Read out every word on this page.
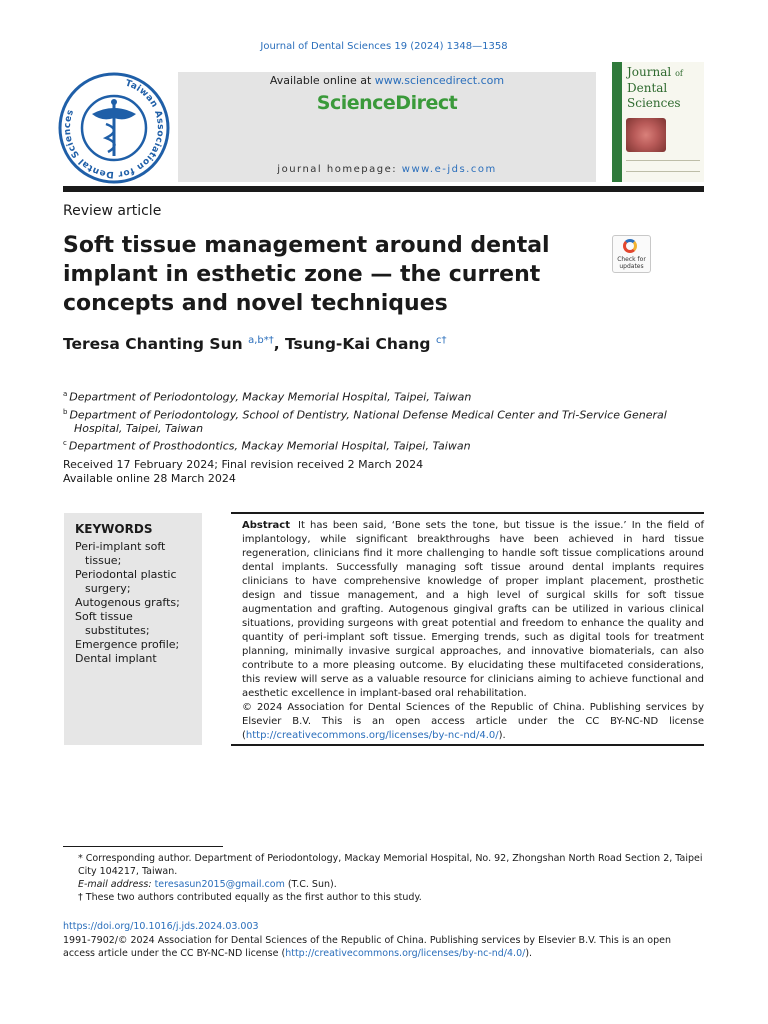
Journal of Dental Sciences 19 (2024) 1348—1358
Taiwan Association for Dental Sciences
Available online at www.sciencedirect.com
ScienceDirect
journal homepage: www.e-jds.com
Journal of
Dental
Sciences
Review article
Soft tissue management around dental implant in esthetic zone — the current concepts and novel techniques
Check for
updates
Teresa Chanting Sun $^{a,b*\dagger}$, Tsung-Kai Chang $^{c\dagger}$
$^a$ Department of Periodontology, Mackay Memorial Hospital, Taipei, Taiwan
$^b$ Department of Periodontology, School of Dentistry, National Defense Medical Center and Tri-Service General Hospital, Taipei, Taiwan
$^c$ Department of Prosthodontics, Mackay Memorial Hospital, Taipei, Taiwan
Received 17 February 2024; Final revision received 2 March 2024
Available online 28 March 2024
KEYWORDS
Peri-implant soft tissue;
Periodontal plastic surgery;
Autogenous grafts;
Soft tissue substitutes;
Emergence profile;
Dental implant

Abstract It has been said, ‘Bone sets the tone, but tissue is the issue.’ In the field of implantology, while significant breakthroughs have been achieved in hard tissue regeneration, clinicians find it more challenging to handle soft tissue complications around dental implants. Successfully managing soft tissue around dental implants requires clinicians to have comprehensive knowledge of proper implant placement, prosthetic design and tissue management, and a high level of surgical skills for soft tissue augmentation and grafting. Autogenous gingival grafts can be utilized in various clinical situations, providing surgeons with great potential and freedom to enhance the quality and quantity of peri-implant soft tissue. Emerging trends, such as digital tools for treatment planning, minimally invasive surgical approaches, and innovative biomaterials, can also contribute to a more pleasing outcome. By elucidating these multifaceted considerations, this review will serve as a valuable resource for clinicians aiming to achieve functional and aesthetic excellence in implant-based oral rehabilitation.
© 2024 Association for Dental Sciences of the Republic of China. Publishing services by Elsevier B.V. This is an open access article under the CC BY-NC-ND license (http://creativecommons.org/licenses/by-nc-nd/4.0/).

* Corresponding author. Department of Periodontology, Mackay Memorial Hospital, No. 92, Zhongshan North Road Section 2, Taipei City 104217, Taiwan.
E-mail address: teresasun2015@gmail.com (T.C. Sun).
† These two authors contributed equally as the first author to this study.
https://doi.org/10.1016/j.jds.2024.03.003
1991-7902/© 2024 Association for Dental Sciences of the Republic of China. Publishing services by Elsevier B.V. This is an open access article under the CC BY-NC-ND license (http://creativecommons.org/licenses/by-nc-nd/4.0/).
